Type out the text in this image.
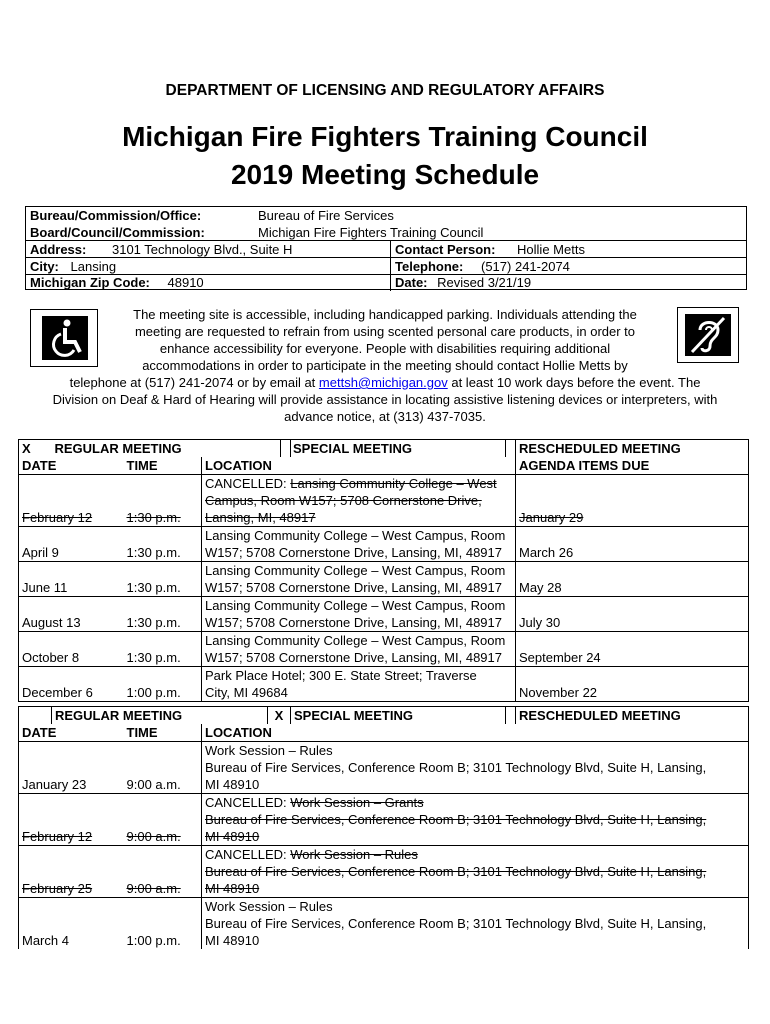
DEPARTMENT OF LICENSING AND REGULATORY AFFAIRS
Michigan Fire Fighters Training Council
2019 Meeting Schedule
Bureau/Commission/Office:	Bureau of Fire Services
Board/Council/Commission:	Michigan Fire Fighters Training Council
Address: 3101 Technology Blvd., Suite H	Contact Person: Hollie Metts
City: Lansing	Telephone: (517) 241-2074
Michigan Zip Code: 48910	Date: Revised 3/21/19

The meeting site is accessible, including handicapped parking. Individuals attending the

meeting are requested to refrain from using scented personal care products, in order to

enhance accessibility for everyone. People with disabilities requiring additional

accommodations in order to participate in the meeting should contact Hollie Metts by

telephone at (517) 241-2074 or by email at mettsh@michigan.gov at least 10 work days before the event. The

Division on Deaf & Hard of Hearing will provide assistance in locating assistive listening devices or interpreters, with

advance notice, at (313) 437-7035.

X	REGULAR MEETING				SPECIAL MEETING		RESCHEDULED MEETING
DATE		TIME	LOCATION				AGENDA ITEMS DUE
February 12		1:30 p.m.	CANCELLED: Lansing Community College – West
Campus, Room W157; 5708 Cornerstone Drive,
Lansing, MI, 48917				January 29
April 9		1:30 p.m.	Lansing Community College – West Campus, Room
W157; 5708 Cornerstone Drive, Lansing, MI, 48917				March 26
June 11		1:30 p.m.	Lansing Community College – West Campus, Room
W157; 5708 Cornerstone Drive, Lansing, MI, 48917				May 28
August 13		1:30 p.m.	Lansing Community College – West Campus, Room
W157; 5708 Cornerstone Drive, Lansing, MI, 48917				July 30
October 8		1:30 p.m.	Lansing Community College – West Campus, Room
W157; 5708 Cornerstone Drive, Lansing, MI, 48917				September 24
December 6		1:00 p.m.	Park Place Hotel; 300 E. State Street; Traverse
City, MI 49684				November 22
	REGULAR MEETING			X	SPECIAL MEETING		RESCHEDULED MEETING
DATE		TIME	LOCATION				
January 23		9:00 a.m.	Work Session – Rules
Bureau of Fire Services, Conference Room B; 3101 Technology Blvd, Suite H, Lansing,
MI 48910				

February 12		9:00 a.m.	CANCELLED: Work Session – Grants
Bureau of Fire Services, Conference Room B; 3101 Technology Blvd, Suite H, Lansing,
MI 48910				

February 25		9:00 a.m.	CANCELLED: Work Session – Rules
Bureau of Fire Services, Conference Room B; 3101 Technology Blvd, Suite H, Lansing,
MI 48910				

March 4		1:00 p.m.	Work Session – Rules
Bureau of Fire Services, Conference Room B; 3101 Technology Blvd, Suite H, Lansing,
MI 48910				
